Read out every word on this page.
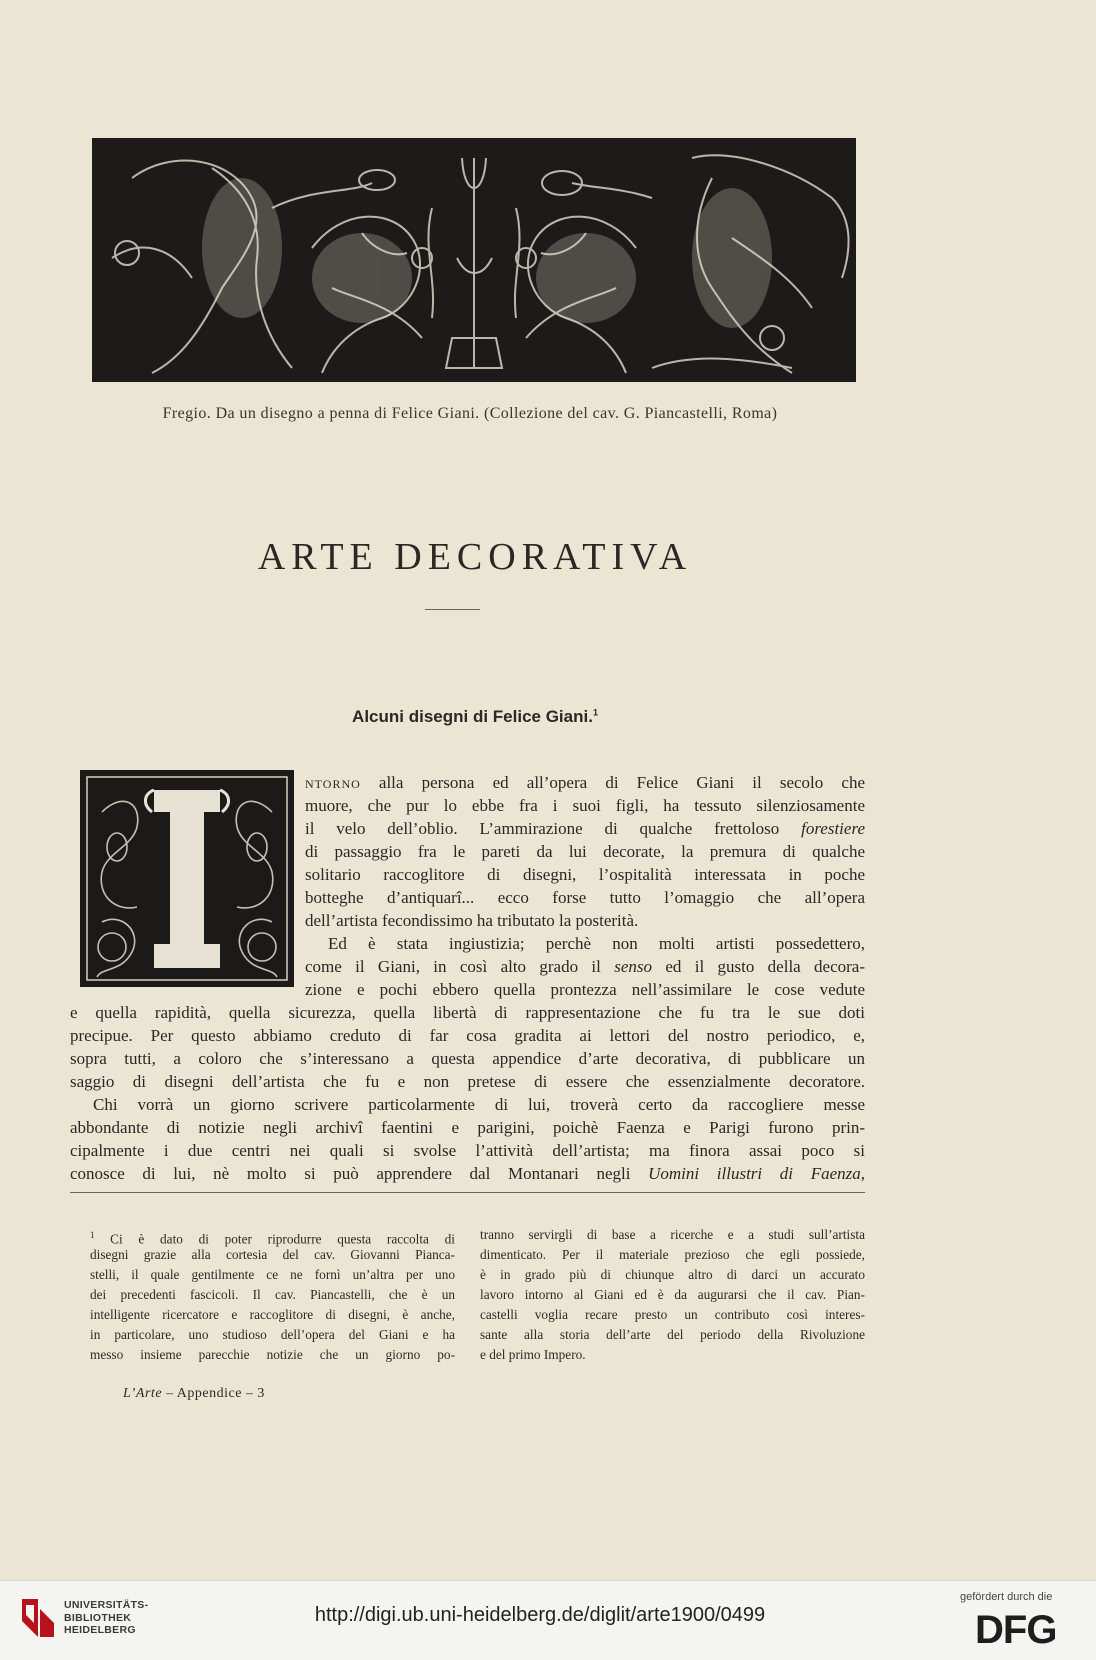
Fregio. Da un disegno a penna di Felice Giani. (Collezione del cav. G. Piancastelli, Roma)
ARTE DECORATIVA
Alcuni disegni di Felice Giani.$^1$
NTORNO alla persona ed all’opera di Felice Giani il secolo che
muore, che pur lo ebbe fra i suoi figli, ha tessuto silenziosamente
il velo dell’oblio. L’ammirazione di qualche frettoloso forestiere
di passaggio fra le pareti da lui decorate, la premura di qualche
solitario raccoglitore di disegni, l’ospitalità interessata in poche
botteghe d’antiquarî... ecco forse tutto l’omaggio che all’opera
dell’artista fecondissimo ha tributato la posterità.
Ed è stata ingiustizia; perchè non molti artisti possedettero,
come il Giani, in così alto grado il senso ed il gusto della decora-
zione e pochi ebbero quella prontezza nell’assimilare le cose vedute
e quella rapidità, quella sicurezza, quella libertà di rappresentazione che fu tra le sue doti
precipue. Per questo abbiamo creduto di far cosa gradita ai lettori del nostro periodico, e,
sopra tutti, a coloro che s’interessano a questa appendice d’arte decorativa, di pubblicare un
saggio di disegni dell’artista che fu e non pretese di essere che essenzialmente decoratore.
Chi vorrà un giorno scrivere particolarmente di lui, troverà certo da raccogliere messe
abbondante di notizie negli archivî faentini e parigini, poichè Faenza e Parigi furono prin-
cipalmente i due centri nei quali si svolse l’attività dell’artista; ma finora assai poco si
conosce di lui, nè molto si può apprendere dal Montanari negli Uomini illustri di Faenza,
$^1$ Ci è dato di poter riprodurre questa raccolta di
disegni grazie alla cortesia del cav. Giovanni Pianca-
stelli, il quale gentilmente ce ne fornì un’altra per uno
dei precedenti fascicoli. Il cav. Piancastelli, che è un
intelligente ricercatore e raccoglitore di disegni, è anche,
in particolare, uno studioso dell’opera del Giani e ha
messo insieme parecchie notizie che un giorno po-
tranno servirgli di base a ricerche e a studi sull’artista
dimenticato. Per il materiale prezioso che egli possiede,
è in grado più di chiunque altro di darci un accurato
lavoro intorno al Giani ed è da augurarsi che il cav. Pian-
castelli voglia recare presto un contributo così interes-
sante alla storia dell’arte del periodo della Rivoluzione
e del primo Impero.
L’Arte – Appendice – 3
UNIVERSITÄTS-
BIBLIOTHEK
HEIDELBERG
http://digi.ub.uni-heidelberg.de/diglit/arte1900/0499
gefördert durch die
DFG
